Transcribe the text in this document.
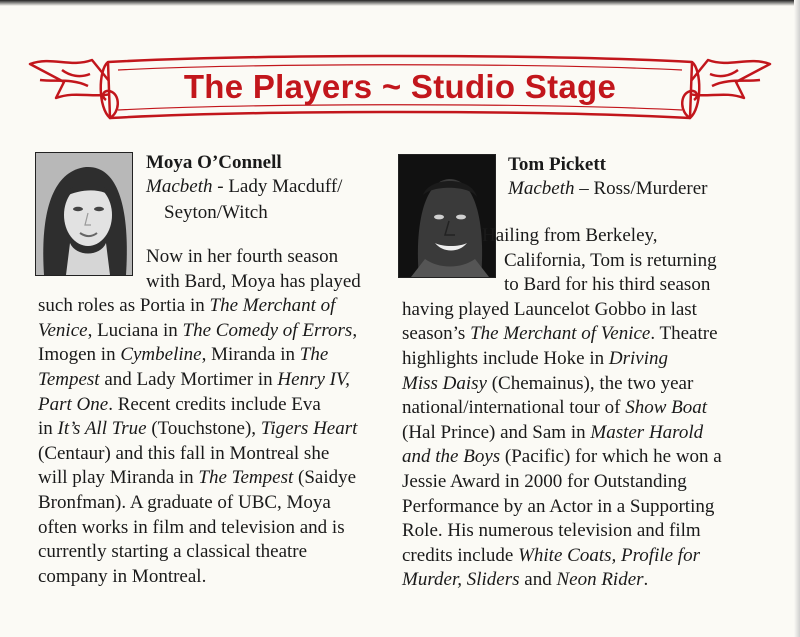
The Players ~ Studio Stage
Moya O’Connell
Macbeth - Lady Macduff/
Seyton/Witch
Now in her fourth season
with Bard, Moya has played
such roles as Portia in The Merchant of
Venice, Luciana in The Comedy of Errors,
Imogen in Cymbeline, Miranda in The
Tempest and Lady Mortimer in Henry IV,
Part One. Recent credits include Eva
in It’s All True (Touchstone), Tigers Heart
(Centaur) and this fall in Montreal she
will play Miranda in The Tempest (Saidye
Bronfman). A graduate of UBC, Moya
often works in film and television and is
currently starting a classical theatre
company in Montreal.
Tom Pickett
Macbeth – Ross/Murderer
Hailing from Berkeley,
California, Tom is returning
to Bard for his third season
having played Launcelot Gobbo in last
season’s The Merchant of Venice. Theatre
highlights include Hoke in Driving
Miss Daisy (Chemainus), the two year
national/international tour of Show Boat
(Hal Prince) and Sam in Master Harold
and the Boys (Pacific) for which he won a
Jessie Award in 2000 for Outstanding
Performance by an Actor in a Supporting
Role. His numerous television and film
credits include White Coats, Profile for
Murder, Sliders and Neon Rider.
